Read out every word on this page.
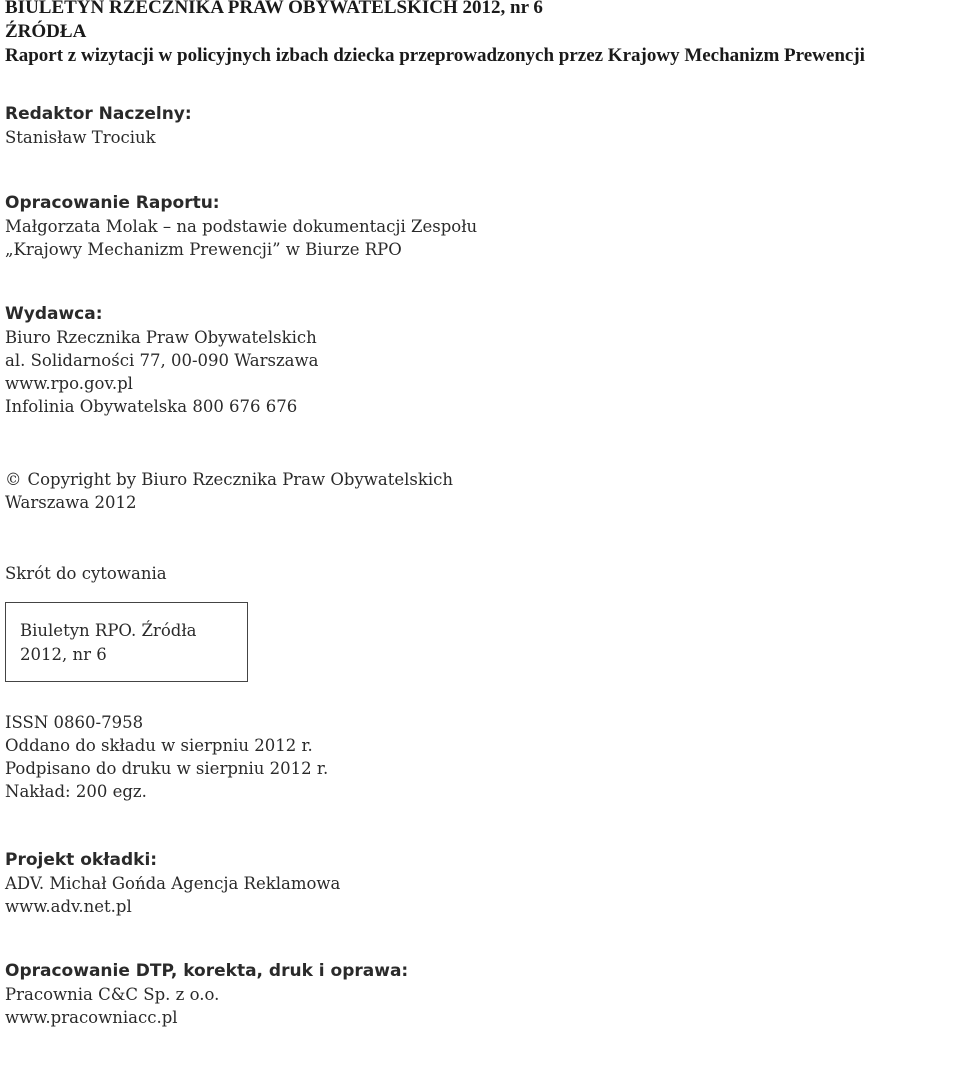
BIULETYN RZECZNIKA PRAW OBYWATELSKICH 2012, nr 6
ŹRÓDŁA
Raport z wizytacji w policyjnych izbach dziecka przeprowadzonych przez Krajowy Mechanizm Prewencji
Redaktor Naczelny:
Stanisław Trociuk
Opracowanie Raportu:
Małgorzata Molak – na podstawie dokumentacji Zespołu
„Krajowy Mechanizm Prewencji” w Biurze RPO
Wydawca:
Biuro Rzecznika Praw Obywatelskich
al. Solidarności 77, 00-090 Warszawa
www.rpo.gov.pl
Infolinia Obywatelska 800 676 676
© Copyright by Biuro Rzecznika Praw Obywatelskich
Warszawa 2012
Skrót do cytowania
Biuletyn RPO. Źródła
2012, nr 6
ISSN 0860-7958
Oddano do składu w sierpniu 2012 r.
Podpisano do druku w sierpniu 2012 r.
Nakład: 200 egz.
Projekt okładki:
ADV. Michał Gońda Agencja Reklamowa
www.adv.net.pl
Opracowanie DTP, korekta, druk i oprawa:
Pracownia C&C Sp. z o.o.
www.pracowniacc.pl
